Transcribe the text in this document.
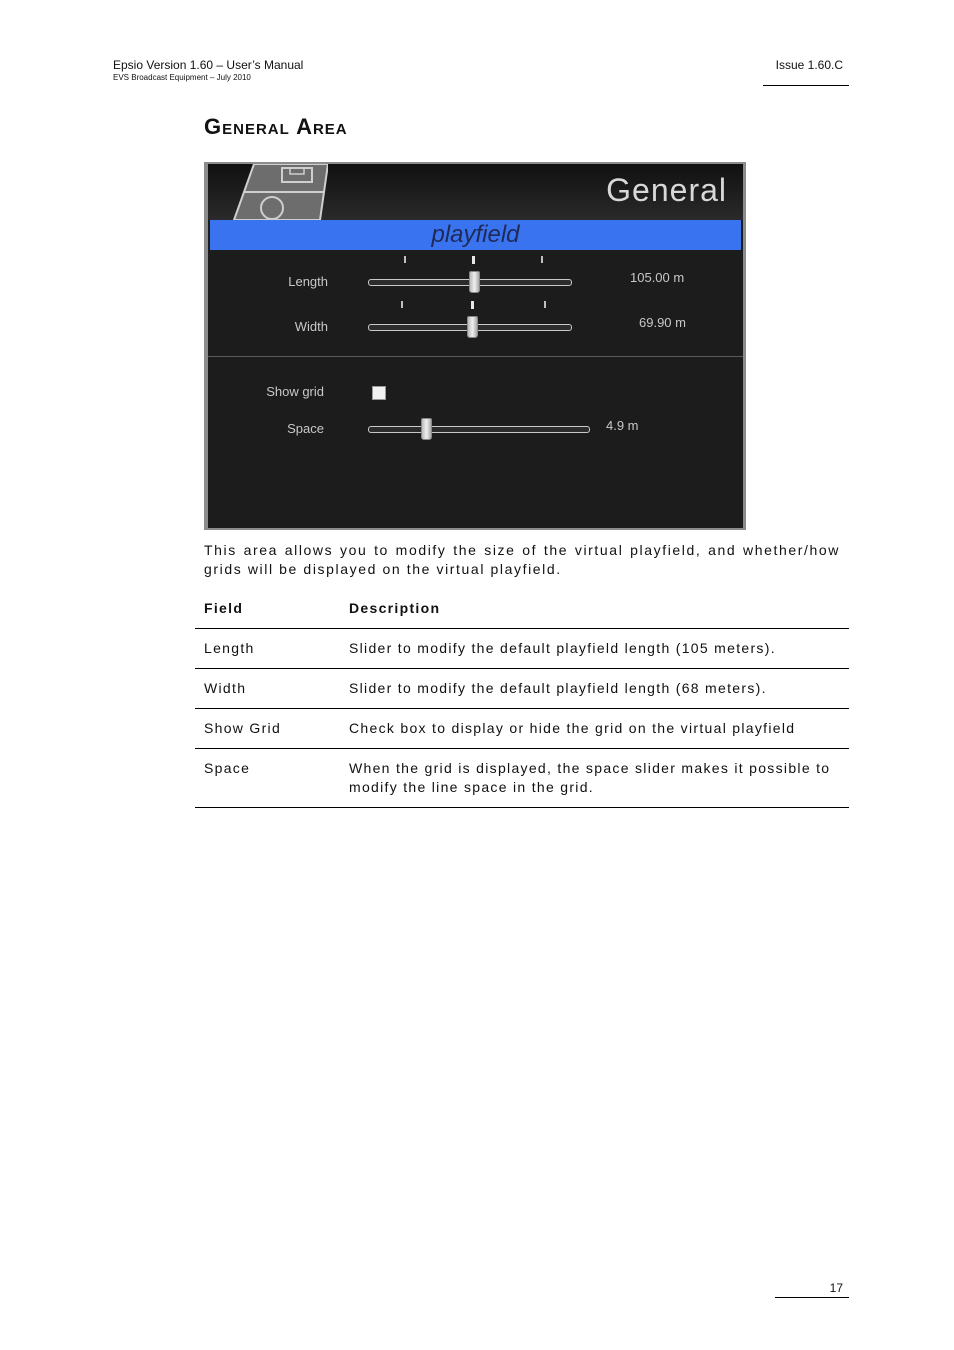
Epsio Version 1.60 – User’s Manual
EVS Broadcast Equipment – July 2010
Issue 1.60.C
General Area
General
playfield
Length	105.00 m
Width	69.90 m
Show grid
Space	4.9 m
This area allows you to modify the size of the virtual playfield, and whether/how grids will be displayed on the virtual playfield.
Field	Description
Length	Slider to modify the default playfield length (105 meters).
Width	Slider to modify the default playfield length (68 meters).
Show Grid	Check box to display or hide the grid on the virtual playfield
Space	When the grid is displayed, the space slider makes it possible to modify the line space in the grid.
17
